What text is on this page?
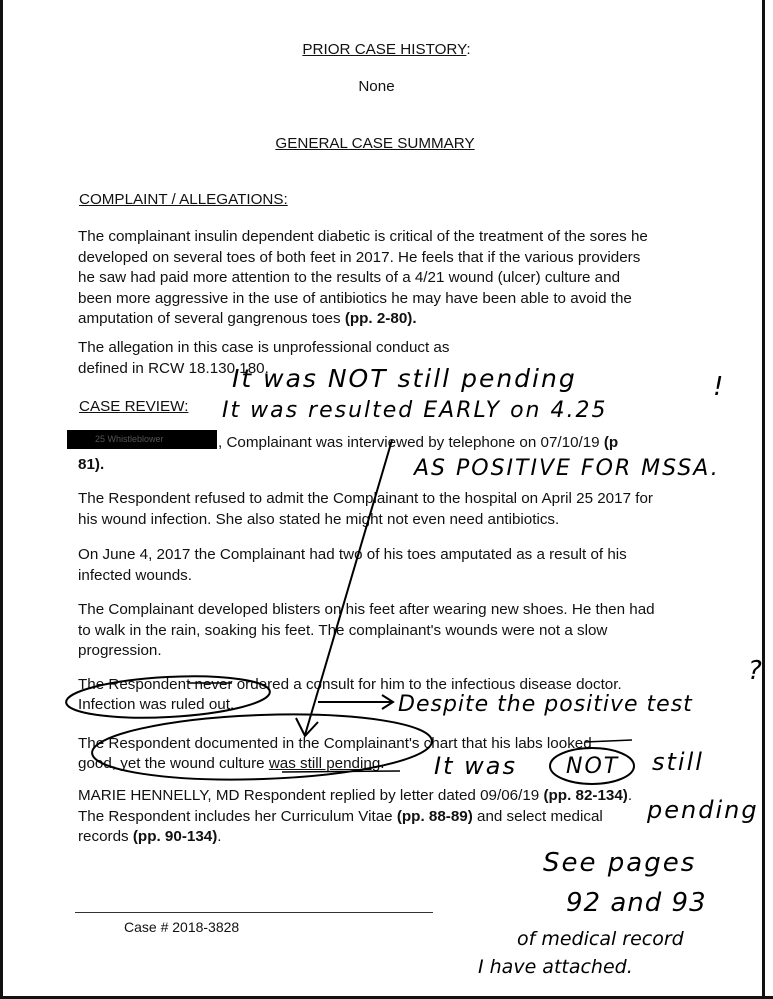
PRIOR CASE HISTORY:
None
GENERAL CASE SUMMARY
COMPLAINT / ALLEGATIONS:
The complainant insulin dependent diabetic is critical of the treatment of the sores he developed on several toes of both feet in 2017. He feels that if the various providers he saw had paid more attention to the results of a 4/21 wound (ulcer) culture and been more aggressive in the use of antibiotics he may have been able to avoid the amputation of several gangrenous toes (pp. 2-80).
The allegation in this case is unprofessional conduct as defined in RCW 18.130.180.
CASE REVIEW:
25 Whistleblower	, Complainant was interviewed by telephone on 07/10/19 (p
81).
The Respondent refused to admit the Complainant to the hospital on April 25 2017 for his wound infection. She also stated he might not even need antibiotics.
On June 4, 2017 the Complainant had two of his toes amputated as a result of his infected wounds.
The Complainant developed blisters on his feet after wearing new shoes. He then had to walk in the rain, soaking his feet. The complainant's wounds were not a slow progression.
The Respondent never ordered a consult for him to the infectious disease doctor.
Infection was ruled out.
The Respondent documented in the Complainant's chart that his labs looked
good, yet the wound culture was still pending.
MARIE HENNELLY, MD Respondent replied by letter dated 09/06/19 (pp. 82-134). The Respondent includes her Curriculum Vitae (pp. 88-89) and select medical records (pp. 90-134).
Case # 2018-3828
It was NOT still pending
It was resulted EARLY on 4.25
!
AS POSITIVE FOR MSSA.
Despite the positive test
?
It was NOT still
pending
See pages
92 and 93
of medical record
I have attached.
